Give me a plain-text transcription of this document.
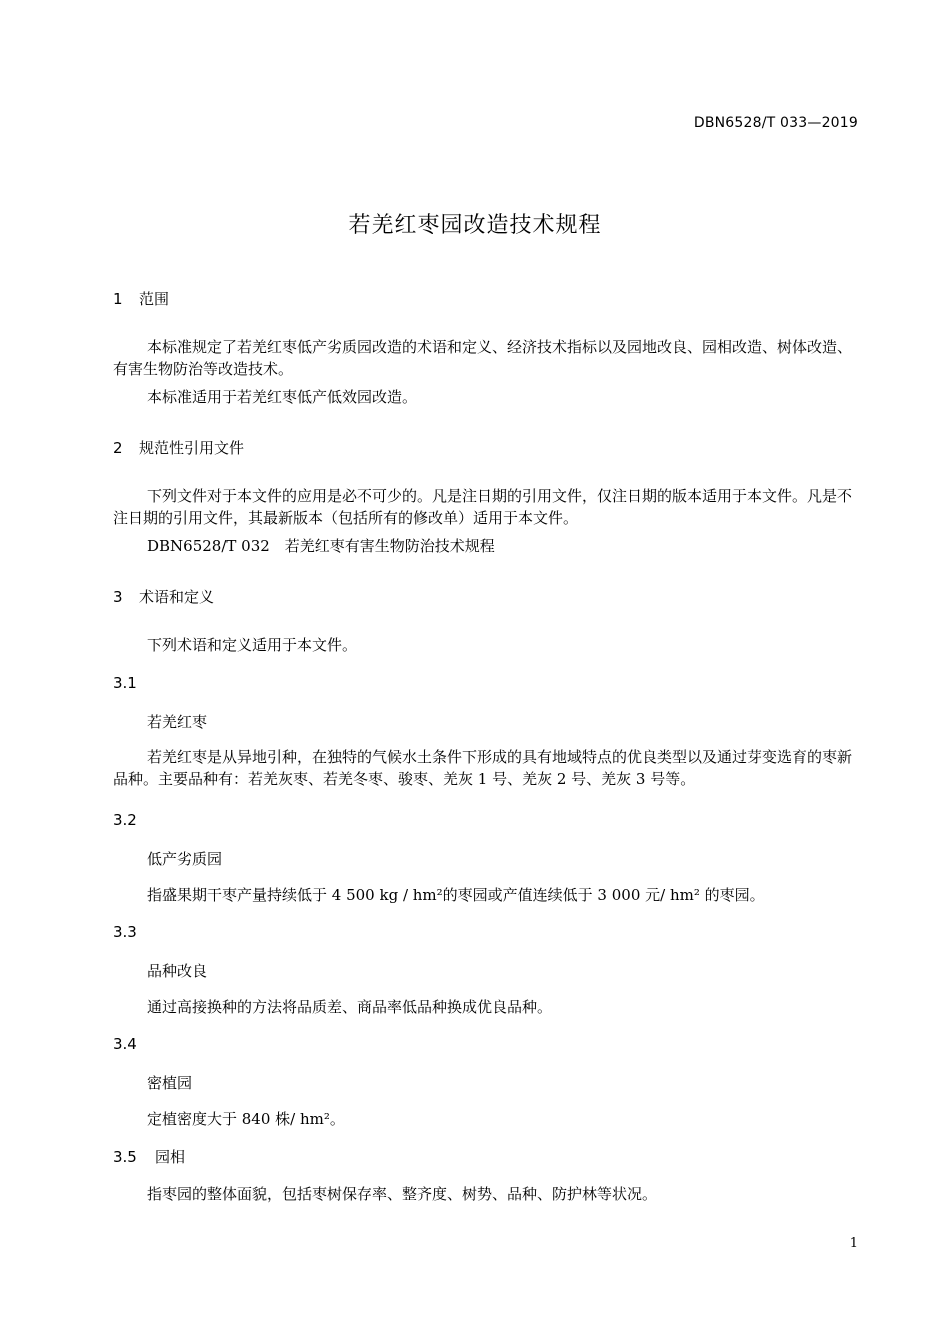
DBN6528/T 033—2019
若羌红枣园改造技术规程
1 范围
本标准规定了若羌红枣低产劣质园改造的术语和定义、经济技术指标以及园地改良、园相改造、树体改造、有害生物防治等改造技术。
本标准适用于若羌红枣低产低效园改造。
2 规范性引用文件
下列文件对于本文件的应用是必不可少的。凡是注日期的引用文件，仅注日期的版本适用于本文件。凡是不注日期的引用文件，其最新版本（包括所有的修改单）适用于本文件。
DBN6528/T 032　若羌红枣有害生物防治技术规程
3 术语和定义
下列术语和定义适用于本文件。
3.1
若羌红枣
若羌红枣是从异地引种，在独特的气候水土条件下形成的具有地域特点的优良类型以及通过芽变选育的枣新品种。主要品种有：若羌灰枣、若羌冬枣、骏枣、羌灰 1 号、羌灰 2 号、羌灰 3 号等。
3.2
低产劣质园
指盛果期干枣产量持续低于 4 500 kg / hm²的枣园或产值连续低于 3 000 元/ hm² 的枣园。
3.3
品种改良
通过高接换种的方法将品质差、商品率低品种换成优良品种。
3.4
密植园
定植密度大于 840 株/ hm²。
3.5 园相
指枣园的整体面貌，包括枣树保存率、整齐度、树势、品种、防护林等状况。
1
